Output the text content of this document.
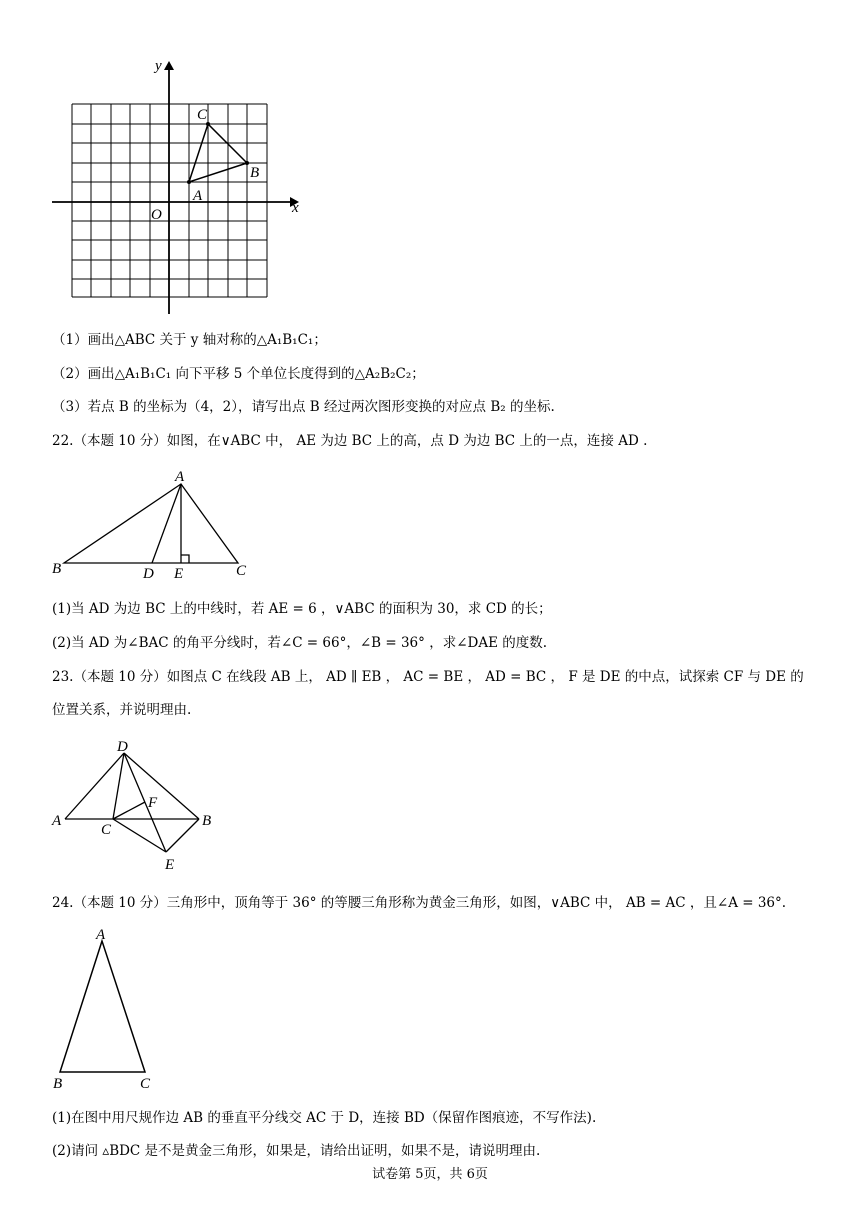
x
y
O
A
B
C
（1）画出△ABC 关于 y 轴对称的△A₁B₁C₁；
（2）画出△A₁B₁C₁ 向下平移 5 个单位长度得到的△A₂B₂C₂；
（3）若点 B 的坐标为（4，2），请写出点 B 经过两次图形变换的对应点 B₂ 的坐标.
22.（本题 10 分）如图，在∨ABC 中， AE 为边 BC 上的高，点 D 为边 BC 上的一点，连接 AD .
A
B	C
D E
(1)当 AD 为边 BC 上的中线时，若 AE = 6 ，∨ABC 的面积为 30，求 CD 的长；
(2)当 AD 为∠BAC 的角平分线时，若∠C = 66°，∠B = 36° ，求∠DAE 的度数.
23.（本题 10 分）如图点 C 在线段 AB 上， AD ∥ EB ， AC = BE ， AD = BC ， F 是 DE 的中点，试探索 CF 与 DE 的
位置关系，并说明理由.
A	B
C
D
E
F
24.（本题 10 分）三角形中，顶角等于 36° 的等腰三角形称为黄金三角形，如图，∨ABC 中， AB = AC ，且∠A = 36°.
A
B	C
(1)在图中用尺规作边 AB 的垂直平分线交 AC 于 D，连接 BD（保留作图痕迹，不写作法).
(2)请问 ▵BDC 是不是黄金三角形，如果是，请给出证明，如果不是，请说明理由.
试卷第 5页，共 6页
